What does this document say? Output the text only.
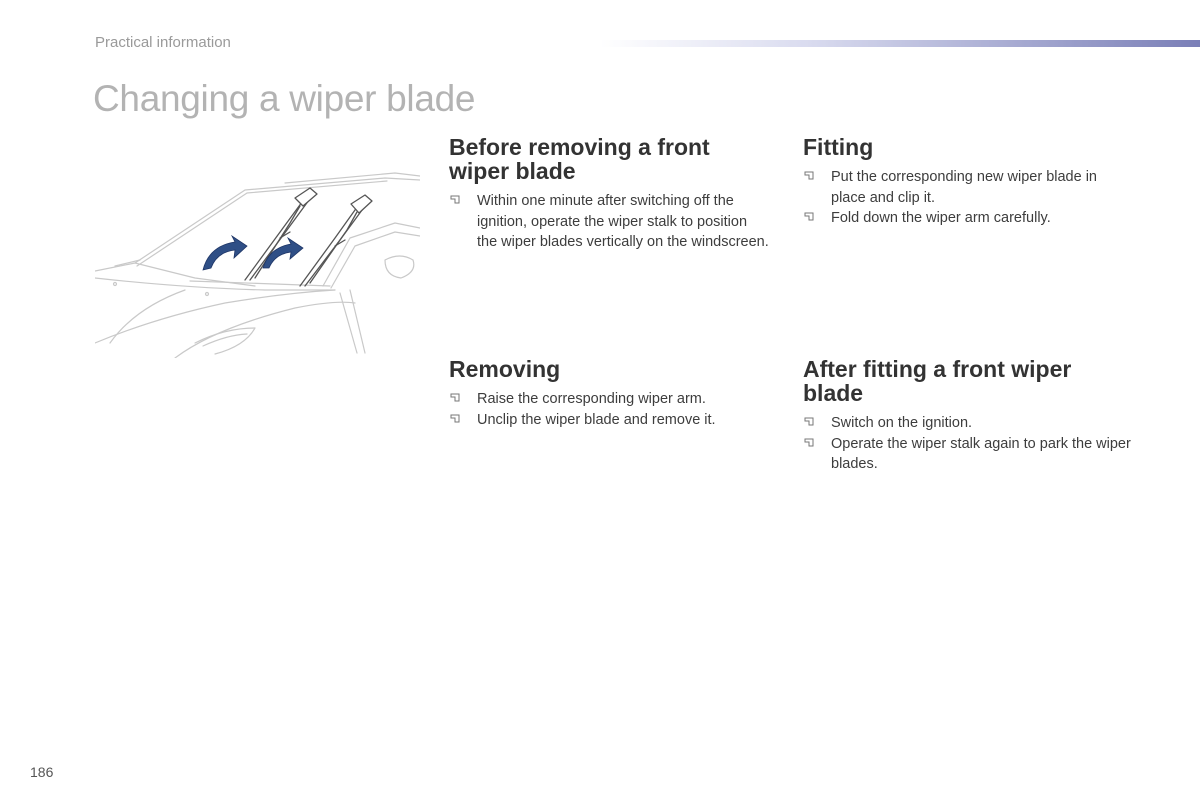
Practical information
Changing a wiper blade
Before removing a front wiper blade
Within one minute after switching off the ignition, operate the wiper stalk to position the wiper blades vertically on the windscreen.
Removing
Raise the corresponding wiper arm.
Unclip the wiper blade and remove it.
Fitting
Put the corresponding new wiper blade in place and clip it.
Fold down the wiper arm carefully.
After fitting a front wiper blade
Switch on the ignition.
Operate the wiper stalk again to park the wiper blades.
186
